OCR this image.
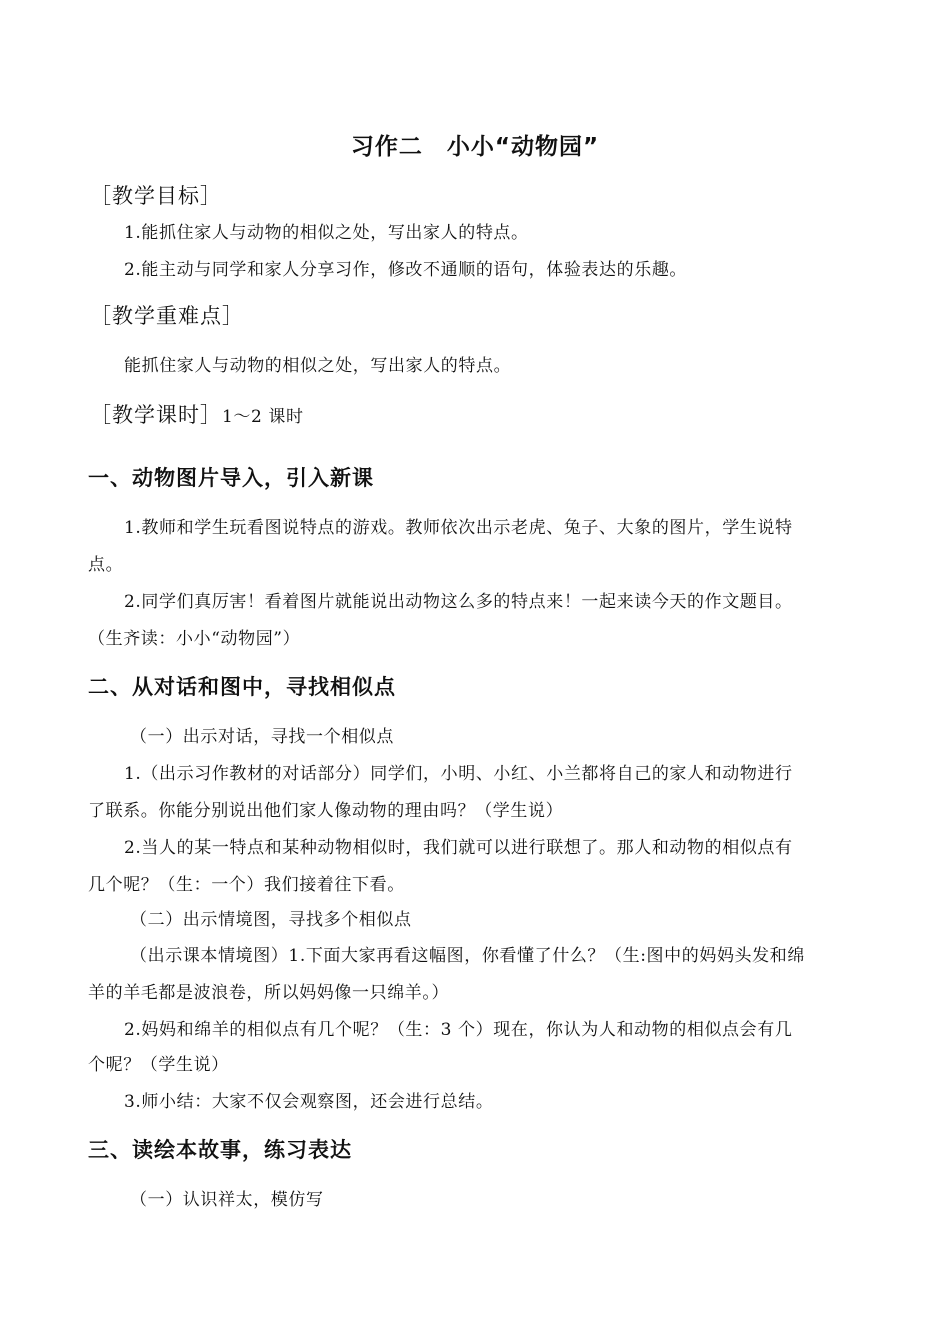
习作二　小小“动物园”
［教学目标］
1.能抓住家人与动物的相似之处，写出家人的特点。
2.能主动与同学和家人分享习作，修改不通顺的语句，体验表达的乐趣。
［教学重难点］
能抓住家人与动物的相似之处，写出家人的特点。
［教学课时］1～2 课时
一、动物图片导入，引入新课
1.教师和学生玩看图说特点的游戏。教师依次出示老虎、兔子、大象的图片，学生说特
点。
2.同学们真厉害！看着图片就能说出动物这么多的特点来！一起来读今天的作文题目。
（生齐读：小小“动物园”）
二、从对话和图中，寻找相似点
（一）出示对话，寻找一个相似点
1.（出示习作教材的对话部分）同学们，小明、小红、小兰都将自己的家人和动物进行
了联系。你能分别说出他们家人像动物的理由吗？（学生说）
2.当人的某一特点和某种动物相似时，我们就可以进行联想了。那人和动物的相似点有
几个呢？（生：一个）我们接着往下看。
（二）出示情境图，寻找多个相似点
（出示课本情境图）1.下面大家再看这幅图，你看懂了什么？（生:图中的妈妈头发和绵
羊的羊毛都是波浪卷，所以妈妈像一只绵羊。）
2.妈妈和绵羊的相似点有几个呢？（生：3 个）现在，你认为人和动物的相似点会有几
个呢？（学生说）
3.师小结：大家不仅会观察图，还会进行总结。
三、读绘本故事，练习表达
（一）认识祥太，模仿写
